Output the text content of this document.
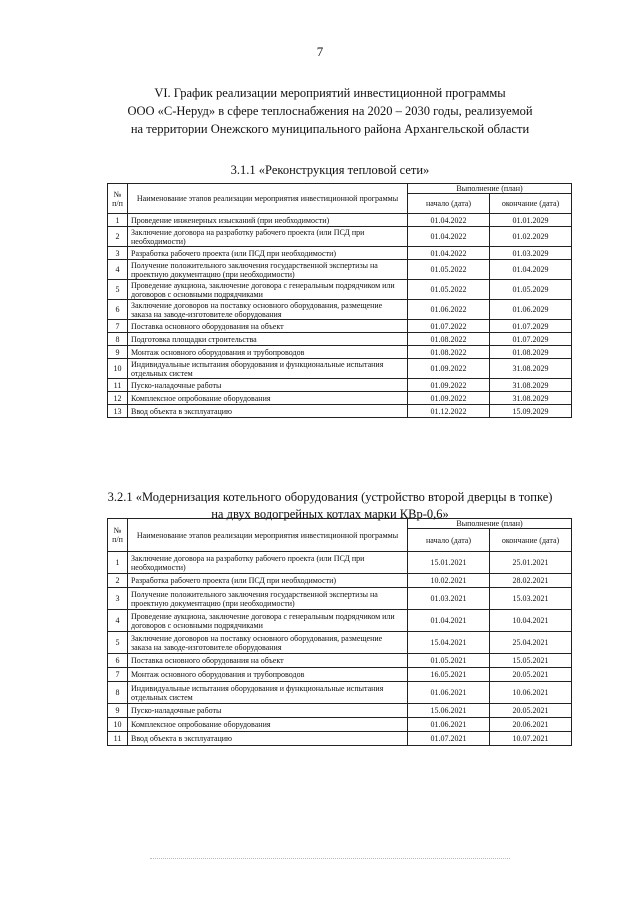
7
VI. График реализации мероприятий инвестиционной программы
ООО «С-Неруд» в сфере теплоснабжения на 2020 – 2030 годы, реализуемой
на территории Онежского муниципального района Архангельской области
3.1.1 «Реконструкция тепловой сети»
№ п/п	Наименование этапов реализации мероприятия инвестиционной программы	Выполнение (план)	
		начало (дата)	окончание (дата)
1	Проведение инженерных изысканий (при необходимости)	01.04.2022	01.01.2029
2	Заключение договора на разработку рабочего проекта (или ПСД при необходимости)	01.04.2022	01.02.2029
3	Разработка рабочего проекта (или ПСД при необходимости)	01.04.2022	01.03.2029
4	Получение положительного заключения государственной экспертизы на проектную документацию (при необходимости)	01.05.2022	01.04.2029
5	Проведение аукциона, заключение договора с генеральным подрядчиком или договоров с основными подрядчиками	01.05.2022	01.05.2029
6	Заключение договоров на поставку основного оборудования, размещение заказа на заводе-изготовителе оборудования	01.06.2022	01.06.2029
7	Поставка основного оборудования на объект	01.07.2022	01.07.2029
8	Подготовка площадки строительства	01.08.2022	01.07.2029
9	Монтаж основного оборудования и трубопроводов	01.08.2022	01.08.2029
10	Индивидуальные испытания оборудования и функциональные испытания отдельных систем	01.09.2022	31.08.2029
11	Пуско-наладочные работы	01.09.2022	31.08.2029
12	Комплексное опробование оборудования	01.09.2022	31.08.2029
13	Ввод объекта в эксплуатацию	01.12.2022	15.09.2029
3.2.1 «Модернизация котельного оборудования (устройство второй дверцы в топке)
на двух водогрейных котлах марки КВр-0,6»
№ п/п	Наименование этапов реализации мероприятия инвестиционной программы	Выполнение (план)	
		начало (дата)	окончание (дата)
1	Заключение договора на разработку рабочего проекта (или ПСД при необходимости)	15.01.2021	25.01.2021
2	Разработка рабочего проекта (или ПСД при необходимости)	10.02.2021	28.02.2021
3	Получение положительного заключения государственной экспертизы на проектную документацию (при необходимости)	01.03.2021	15.03.2021
4	Проведение аукциона, заключение договора с генеральным подрядчиком или договоров с основными подрядчиками	01.04.2021	10.04.2021
5	Заключение договоров на поставку основного оборудования, размещение заказа на заводе-изготовителе оборудования	15.04.2021	25.04.2021
6	Поставка основного оборудования на объект	01.05.2021	15.05.2021
7	Монтаж основного оборудования и трубопроводов	16.05.2021	20.05.2021
8	Индивидуальные испытания оборудования и функциональные испытания отдельных систем	01.06.2021	10.06.2021
9	Пуско-наладочные работы	15.06.2021	20.05.2021
10	Комплексное опробование оборудования	01.06.2021	20.06.2021
11	Ввод объекта в эксплуатацию	01.07.2021	10.07.2021
